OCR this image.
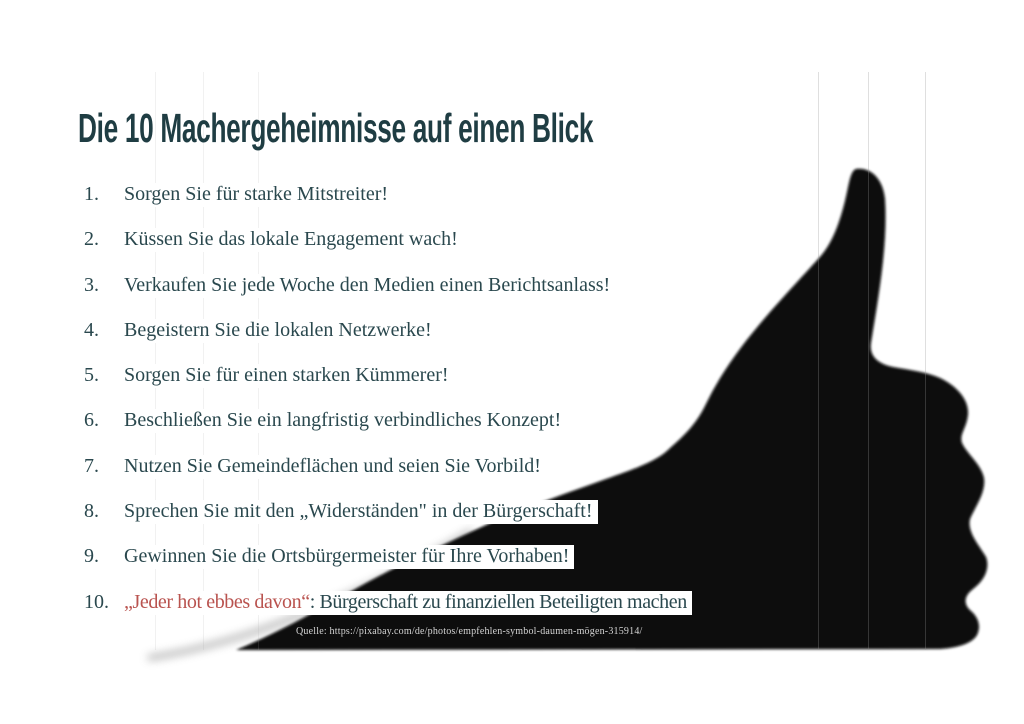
Die 10 Machergeheimnisse auf einen Blick
1.	Sorgen Sie für starke Mitstreiter!
2.	Küssen Sie das lokale Engagement wach!
3.	Verkaufen Sie jede Woche den Medien einen Berichtsanlass!
4.	Begeistern Sie die lokalen Netzwerke!
5.	Sorgen Sie für einen starken Kümmerer!
6.	Beschließen Sie ein langfristig verbindliches Konzept!
7.	Nutzen Sie Gemeindeflächen und seien Sie Vorbild!
8.	Sprechen Sie mit den „Widerständen" in der Bürgerschaft!
9.	Gewinnen Sie die Ortsbürgermeister für Ihre Vorhaben!
10. „Jeder hot ebbes davon“: Bürgerschaft zu finanziellen Beteiligten machen
Quelle: https://pixabay.com/de/photos/empfehlen-symbol-daumen-mögen-315914/
